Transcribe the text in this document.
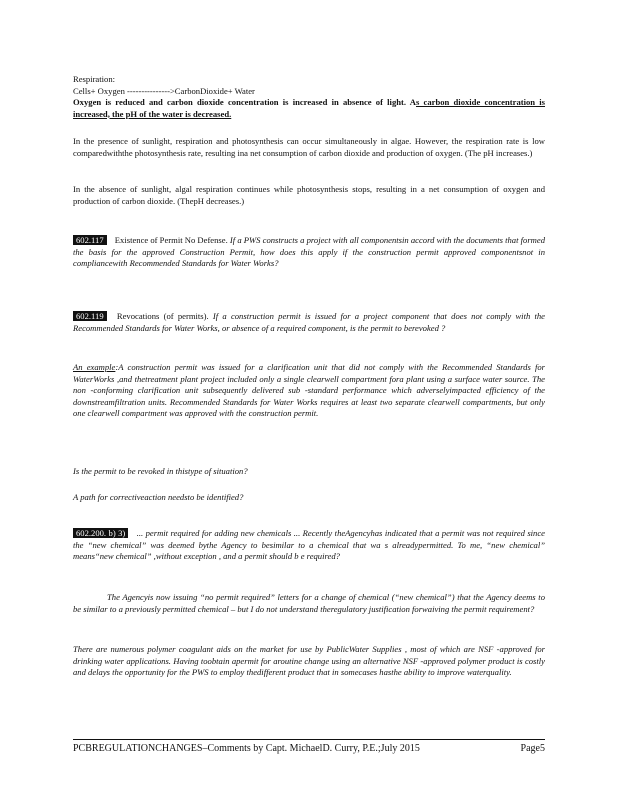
Respiration:
Cells+ Oxygen --------------->CarbonDioxide+ Water
Oxygen is reduced and carbon dioxide concentration is increased in absence of light. As carbon dioxide concentration is increased, the pH of the water is decreased.
In the presence of sunlight, respiration and photosynthesis can occur simultaneously in algae. However, the respiration rate is low comparedwiththe photosynthesis rate, resulting ina net consumption of carbon dioxide and production of oxygen. (The pH increases.)
In the absence of sunlight, algal respiration continues while photosynthesis stops, resulting in a net consumption of oxygen and production of carbon dioxide. (ThepH decreases.)
602.117 Existence of Permit No Defense. If a PWS constructs a project with all componentsin accord with the documents that formed the basis for the approved Construction Permit, how does this apply if the construction permit approved componentsnot in compliancewith Recommended Standards for Water Works?
602.119 Revocations (of permits). If a construction permit is issued for a project component that does not comply with the Recommended Standards for Water Works, or absence of a required component, is the permit to berevoked ?
An example:A construction permit was issued for a clarification unit that did not comply with the Recommended Standards for WaterWorks ,and thetreatment plant project included only a single clearwell compartment fora plant using a surface water source. The non -conforming clarification unit subsequently delivered sub -standard performance which adverselyimpacted efficiency of the downstreamfiltration units. Recommended Standards for Water Works requires at least two separate clearwell compartments, but only one clearwell compartment was approved with the construction permit.
Is the permit to be revoked in thistype of situation?
A path for correctiveaction needsto be identified?
602.200. b) 3) ... permit required for adding new chemicals ... Recently theAgencyhas indicated that a permit was not required since the “new chemical” was deemed bythe Agency to besimilar to a chemical that wa s alreadypermitted. To me, “new chemical” means“new chemical” ,without exception , and a permit should b e required?
The Agencyis now issuing “no permit required” letters for a change of chemical (“new chemical”) that the Agency deems to be similar to a previously permitted chemical – but I do not understand theregulatory justification forwaiving the permit requirement?
There are numerous polymer coagulant aids on the market for use by PublicWater Supplies , most of which are NSF -approved for drinking water applications. Having toobtain apermit for aroutine change using an alternative NSF -approved polymer product is costly and delays the opportunity for the PWS to employ thedifferent product that in somecases hasthe ability to improve waterquality.
PCBREGULATIONCHANGES–Comments by Capt. MichaelD. Curry, P.E.;July 2015	Page5
